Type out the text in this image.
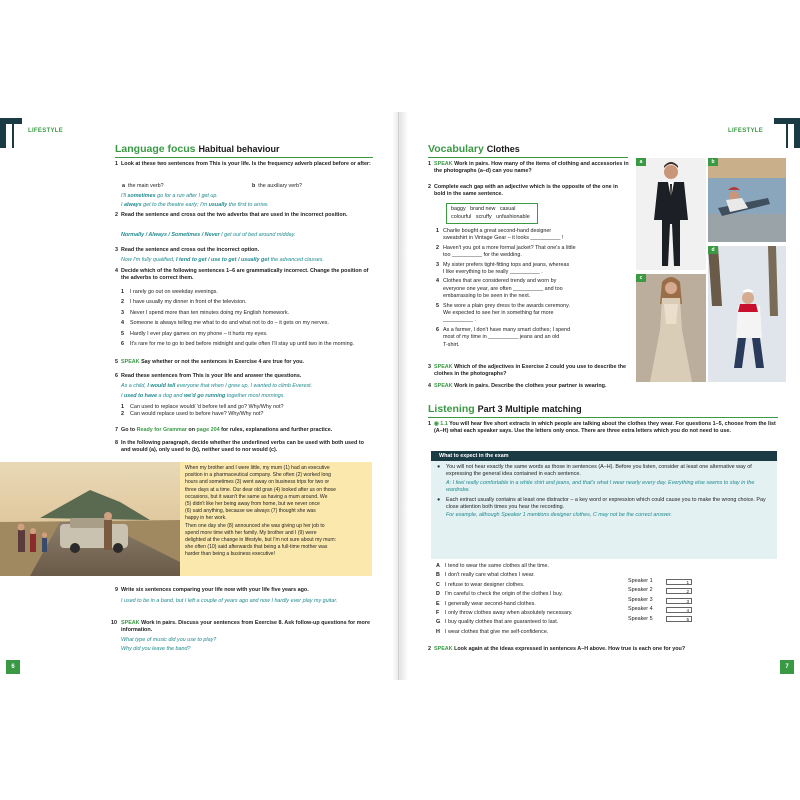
LIFESTYLE	LIFESTYLE
Language focus Habitual behaviour
1 Look at these two sentences from This is your life. Is the frequency adverb placed before or after:
a the main verb?	b the auxiliary verb?
I'll sometimes go for a run after I get up.
I always get to the theatre early; I'm usually the first to arrive.
2 Read the sentence and cross out the two adverbs that are used in the incorrect position.
Normally / Always / Sometimes / Never I get out of bed around midday.
3 Read the sentence and cross out the incorrect option.
Now I'm fully qualified, I tend to get / use to get / usually get the advanced classes.
4 Decide which of the following sentences 1–6 are grammatically incorrect. Change the position of the adverbs to correct them.
1 I rarely go out on weekday evenings.
2 I have usually my dinner in front of the television.
3 Never I spend more than ten minutes doing my English homework.
4 Someone is always telling me what to do and what not to do – it gets on my nerves.
5 Hardly I ever play games on my phone – it hurts my eyes.
6 It's rare for me to go to bed before midnight and quite often I'll stay up until two in the morning.
5 SPEAK Say whether or not the sentences in Exercise 4 are true for you.
6 Read these sentences from This is your life and answer the questions.
As a child, I would tell everyone that when I grew up, I wanted to climb Everest.
I used to have a dog and we'd go running together most mornings.
1 Can used to replace would/ 'd before tell and go? Why/Why not?
2 Can would replace used to before have? Why/Why not?
7 Go to Ready for Grammar on page 204 for rules, explanations and further practice.
8 In the following paragraph, decide whether the underlined verbs can be used with both used to and would (a), only used to (b), neither used to nor would (c).
When my brother and I were little, my mum (1) had an executive
position in a pharmaceutical company. She often (2) worked long
hours and sometimes (3) went away on business trips for two or
three days at a time. Our dear old gran (4) looked after us on those
occasions, but it wasn't the same as having a mum around. We
(5) didn't like her being away from home, but we never once
(6) said anything, because we always (7) thought she was
happy in her work.
Then one day she (8) announced she was giving up her job to
spend more time with her family. My brother and I (9) were
delighted at the change in lifestyle, but I'm not sure about my mum:
she often (10) said afterwards that being a full-time mother was
harder than being a business executive!
9 Write six sentences comparing your life now with your life five years ago.
I used to be in a band, but I left a couple of years ago and now I hardly ever play my guitar.
10 SPEAK Work in pairs. Discuss your sentences from Exercise 8. Ask follow-up questions for more information.
What type of music did you use to play?
Why did you leave the band?
6
Vocabulary Clothes
1 SPEAK Work in pairs. How many of the items of clothing and accessories in the photographs (a–d) can you name?
2 Complete each gap with an adjective which is the opposite of the one in bold in the same sentence.
baggy   brand new   casual
colourful   scruffy   unfashionable
1 Charlie bought a great second-hand designer
sweatshirt in Vintage Gear – it looks __________ !
2 Haven't you got a more formal jacket? That one's a little
too __________ for the wedding.
3 My sister prefers tight-fitting tops and jeans, whereas
I like everything to be really __________ .
4 Clothes that are considered trendy and worn by
everyone one year, are often __________ and too
embarrassing to be seen in the next.
5 She wore a plain grey dress to the awards ceremony.
We expected to see her in something far more
__________ .
6 As a farmer, I don't have many smart clothes; I spend
most of my time in __________ jeans and an old
T-shirt.
3 SPEAK Which of the adjectives in Exercise 2 could you use to describe the clothes in the photographs?
4 SPEAK Work in pairs. Describe the clothes your partner is wearing.
a	b
c
d
Listening Part 3 Multiple matching
1 ◉ 1.1 You will hear five short extracts in which people are talking about the clothes they wear. For questions 1–5, choose from the list (A–H) what each speaker says. Use the letters only once. There are three extra letters which you do not need to use.
What to expect in the exam
● You will not hear exactly the same words as those in sentences (A–H). Before you listen, consider at least one alternative way of expressing the general idea contained in each sentence.
A: I feel really comfortable in a white shirt and jeans, and that's what I wear nearly every day. Everything else seems to stay in the wardrobe.
● Each extract usually contains at least one distractor – a key word or expression which could cause you to make the wrong choice. Pay close attention both times you hear the recording.
For example, although Speaker 1 mentions designer clothes, C may not be the correct answer.
A I tend to wear the same clothes all the time.
B I don't really care what clothes I wear.
C I refuse to wear designer clothes.
D I'm careful to check the origin of the clothes I buy.
E I generally wear second-hand clothes.
F I only throw clothes away when absolutely necessary.
G I buy quality clothes that are guaranteed to last.
H I wear clothes that give me self-confidence.
Speaker 1	1
Speaker 2	2
Speaker 3	3
Speaker 4	4
Speaker 5	5
2 SPEAK Look again at the ideas expressed in sentences A–H above. How true is each one for you?
7
